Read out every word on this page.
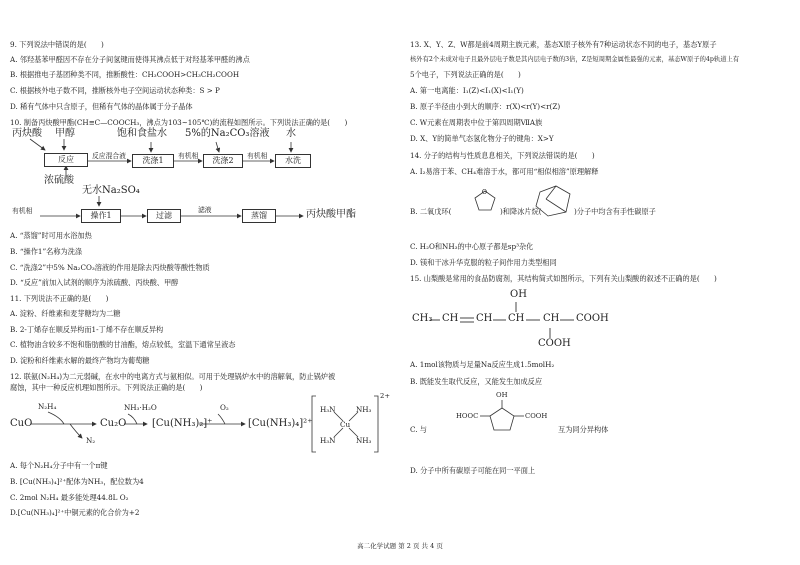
9. 下列说法中错误的是(　　)
A. 邻羟基苯甲醛因不存在分子间氢键而使得其沸点低于对羟基苯甲醛的沸点
B. 根据推电子基团种类不同，推断酸性：CH₃COOH>CH₃CH₂COOH
C. 根据核外电子数不同，推断核外电子空间运动状态种类：S > P
D. 稀有气体中只含原子，但稀有气体的晶体属于分子晶体
10. 制备丙炔酸甲酯(CH≡C—COOCH₃，沸点为103~105℃)的流程如图所示。下列说法正确的是(　　)
丙炔酸 甲醇	饱和食盐水 5%的Na₂CO₃溶液 水
反应	反应混合液	洗涤1	有机相	洗涤2	有机相	水洗
浓硫酸
无水Na₂SO₄
有机相	操作1	过滤
滤液
蒸馏	丙炔酸甲酯
A. “蒸馏”时可用水浴加热
B. “操作1”名称为洗涤
C. “洗涤2”中5% Na₂CO₃溶液的作用是除去丙炔酸等酸性物质
D. “反应”前加入试剂的顺序为浓硫酸、丙炔酸、甲醇
11. 下列说法不正确的是(　　)
A. 淀粉、纤维素和麦芽糖均为二糖
B. 2-丁烯存在顺反异构而1-丁烯不存在顺反异构
C. 植物油含较多不饱和脂肪酸的甘油酯，熔点较低，室温下通常呈液态
D. 淀粉和纤维素水解的最终产物均为葡萄糖
12. 联氨(N₂H₄)为二元弱碱，在水中的电离方式与氨相似。可用于处理锅炉水中的溶解氧，防止锅炉被
腐蚀，其中一种反应机理如图所示。下列说法正确的是(　　)
CuO
N₂H₄
N₂
Cu₂O
NH₃·H₂O
[Cu(NH₃)₂]⁺
O₂
[Cu(NH₃)₄]²⁺
H₃N	NH₃
Cu
H₃N	NH₃
2+
A. 每个N₂H₄分子中有一个π键
B. [Cu(NH₃)₄]²⁺配体为NH₃，配位数为4
C. 2mol N₂H₄ 最多能处理44.8L O₂
D.[Cu(NH₃)₄]²⁺中铜元素的化合价为+2
13. X、Y、Z、W都是前4周期主族元素，基态X原子核外有7种运动状态不同的电子，基态Y原子
核外有2个未成对电子且最外层电子数是其内层电子数的3倍，Z是短周期金属性最强的元素，基态W原子的4p轨道上有
5个电子，下列说法正确的是(　　)
A. 第一电离能：I₁(Z)<I₁(X)<I₁(Y)
B. 原子半径由小到大的顺序：r(X)<r(Y)<r(Z)
C. W元素在周期表中位于第四周期ⅦA族
D. X、Y的简单气态氢化物分子的键角：X>Y
14. 分子的结构与性质息息相关，下列说法错误的是(　　)
A. I₂易溶于苯、CH₄难溶于水，都可用“相似相溶”原理解释
B. 二氧戊环(
O
)和降冰片烷(	)分子中均含有手性碳原子
C. H₂O和NH₃的中心原子都是sp³杂化
D. 镁和干冰升华克服的粒子间作用力类型相同
15. 山梨酸是常用的食品防腐剂，其结构简式如图所示，下列有关山梨酸的叙述不正确的是(　　)
OH
CH₃ CH CH CH CH COOH
COOH
A. 1mol该物质与足量Na反应生成1.5molH₂
B. 既能发生取代反应，又能发生加成反应
C. 与
OH
HOOC	COOH
互为同分异构体
D. 分子中所有碳原子可能在同一平面上
高二化学试题 第 2 页 共 4 页
